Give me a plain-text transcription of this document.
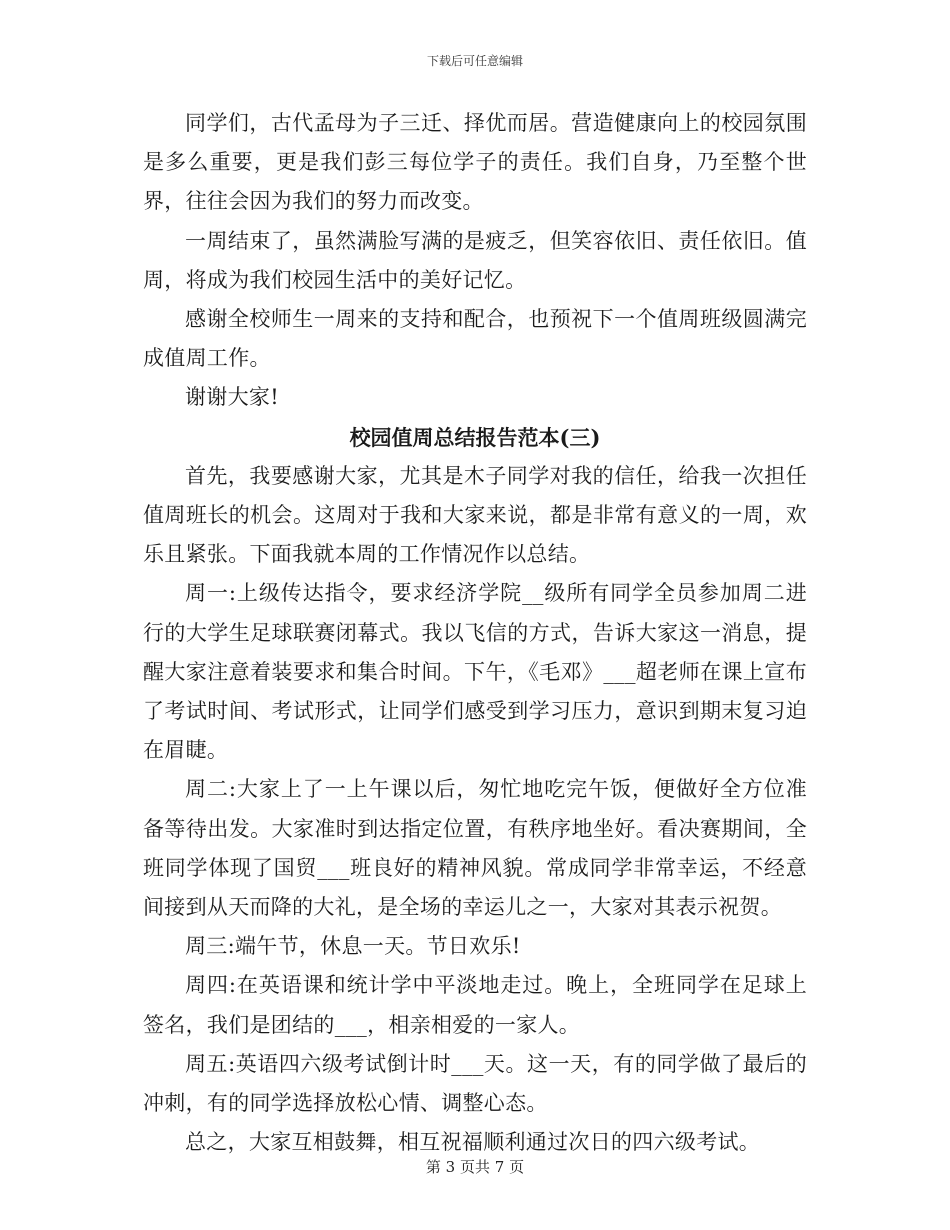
下载后可任意编辑

同学们，古代孟母为子三迁、择优而居。营造健康向上的校园氛围是多么重要，更是我们彭三每位学子的责任。我们自身，乃至整个世界，往往会因为我们的努力而改变。

一周结束了，虽然满脸写满的是疲乏，但笑容依旧、责任依旧。值周，将成为我们校园生活中的美好记忆。

感谢全校师生一周来的支持和配合，也预祝下一个值周班级圆满完成值周工作。

谢谢大家!

校园值周总结报告范本(三)

首先，我要感谢大家，尤其是木子同学对我的信任，给我一次担任值周班长的机会。这周对于我和大家来说，都是非常有意义的一周，欢乐且紧张。下面我就本周的工作情况作以总结。

周一:上级传达指令，要求经济学院__级所有同学全员参加周二进行的大学生足球联赛闭幕式。我以飞信的方式，告诉大家这一消息，提醒大家注意着装要求和集合时间。下午，《毛邓》___超老师在课上宣布了考试时间、考试形式，让同学们感受到学习压力，意识到期末复习迫在眉睫。

周二:大家上了一上午课以后，匆忙地吃完午饭，便做好全方位准备等待出发。大家准时到达指定位置，有秩序地坐好。看决赛期间，全班同学体现了国贸___班良好的精神风貌。常成同学非常幸运，不经意间接到从天而降的大礼，是全场的幸运儿之一，大家对其表示祝贺。

周三:端午节，休息一天。节日欢乐!

周四:在英语课和统计学中平淡地走过。晚上，全班同学在足球上签名，我们是团结的___，相亲相爱的一家人。

周五:英语四六级考试倒计时___天。这一天，有的同学做了最后的冲刺，有的同学选择放松心情、调整心态。

总之，大家互相鼓舞，相互祝福顺利通过次日的四六级考试。

第 3 页共 7 页
